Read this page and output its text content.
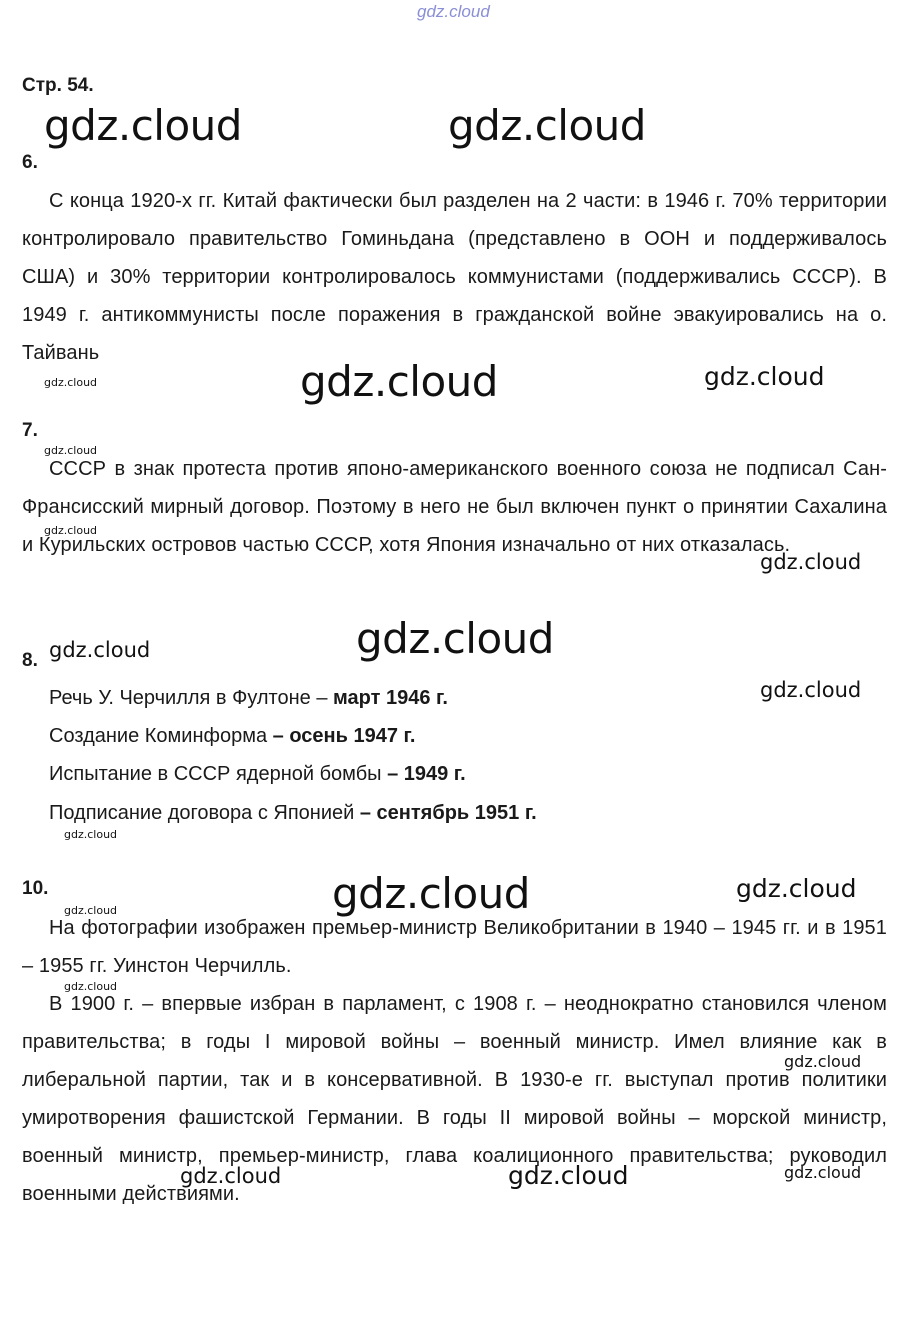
gdz.cloud
Стр. 54.
6.
С конца 1920-х гг. Китай фактически был разделен на 2 части: в 1946 г. 70% территории контролировало правительство Гоминьдана (представлено в ООН и поддерживалось США) и 30% территории контролировалось коммунистами (поддерживались СССР). В 1949 г. антикоммунисты после поражения в гражданской войне эвакуировались на о. Тайвань
7.
СССР в знак протеста против японо-американского военного союза не подписал Сан-Франсисский мирный договор. Поэтому в него не был включен пункт о принятии Сахалина и Курильских островов частью СССР, хотя Япония изначально от них отказалась.
8.
Речь У. Черчилля в Фултоне – март 1946 г.
Создание Коминформа – осень 1947 г.
Испытание в СССР ядерной бомбы – 1949 г.
Подписание договора с Японией – сентябрь 1951 г.
10.
На фотографии изображен премьер-министр Великобритании в 1940 – 1945 гг. и в 1951 – 1955 гг. Уинстон Черчилль.
В 1900 г. – впервые избран в парламент, с 1908 г. – неоднократно становился членом правительства; в годы I мировой войны – военный министр. Имел влияние как в либеральной партии, так и в консервативной. В 1930-е гг. выступал против политики умиротворения фашистской Германии. В годы II мировой войны – морской министр, военный министр, премьер-министр, глава коалиционного правительства; руководил военными действиями.
gdz.cloud	gdz.cloud
gdz.cloud	gdz.cloud	gdz.cloud
gdz.cloud
gdz.cloud
gdz.cloud
gdz.cloud
gdz.cloud
gdz.cloud
gdz.cloud
gdz.cloud	gdz.cloud
gdz.cloud
gdz.cloud
gdz.cloud
gdz.cloud	gdz.cloud	gdz.cloud
